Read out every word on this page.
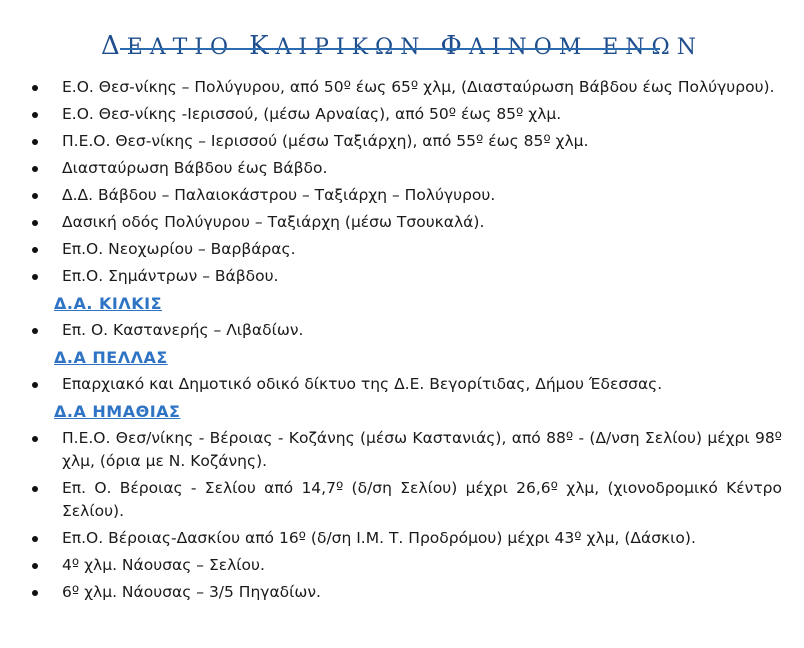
ΔΕΛΤΙΟ ΚΑΙΡΙΚΩΝ ΦΑΙΝΟΜ ΕΝΩΝ
Ε.Ο. Θεσ-νίκης – Πολύγυρου, από 50º έως 65º χλμ, (Διασταύρωση Βάβδου έως Πολύγυρου).
Ε.Ο. Θεσ-νίκης -Ιερισσού, (μέσω Αρναίας), από 50º έως 85º χλμ.
Π.Ε.Ο. Θεσ-νίκης – Ιερισσού (μέσω Ταξιάρχη), από 55º έως 85º χλμ.
Διασταύρωση Βάβδου έως Βάβδο.
Δ.Δ. Βάβδου – Παλαιοκάστρου – Ταξιάρχη – Πολύγυρου.
Δασική οδός Πολύγυρου – Ταξιάρχη (μέσω Τσουκαλά).
Επ.Ο. Νεοχωρίου – Βαρβάρας.
Επ.Ο. Σημάντρων – Βάβδου.
Δ.Α. ΚΙΛΚΙΣ
Επ. Ο. Καστανερής – Λιβαδίων.
Δ.Α ΠΕΛΛΑΣ
Επαρχιακό και Δημοτικό οδικό δίκτυο της Δ.Ε. Βεγορίτιδας, Δήμου Έδεσσας.
Δ.Α ΗΜΑΘΙΑΣ
Π.Ε.Ο. Θεσ/νίκης - Βέροιας - Κοζάνης (μέσω Καστανιάς), από 88º - (Δ/νση Σελίου) μέχρι 98º χλμ, (όρια με Ν. Κοζάνης).
Επ. Ο. Βέροιας - Σελίου από 14,7º (δ/ση Σελίου) μέχρι 26,6º χλμ, (χιονοδρομικό Κέντρο Σελίου).
Επ.Ο. Βέροιας-Δασκίου από 16º (δ/ση Ι.Μ. Τ. Προδρόμου) μέχρι 43º χλμ, (Δάσκιο).
4º χλμ. Νάουσας – Σελίου.
6º χλμ. Νάουσας – 3/5 Πηγαδίων.
